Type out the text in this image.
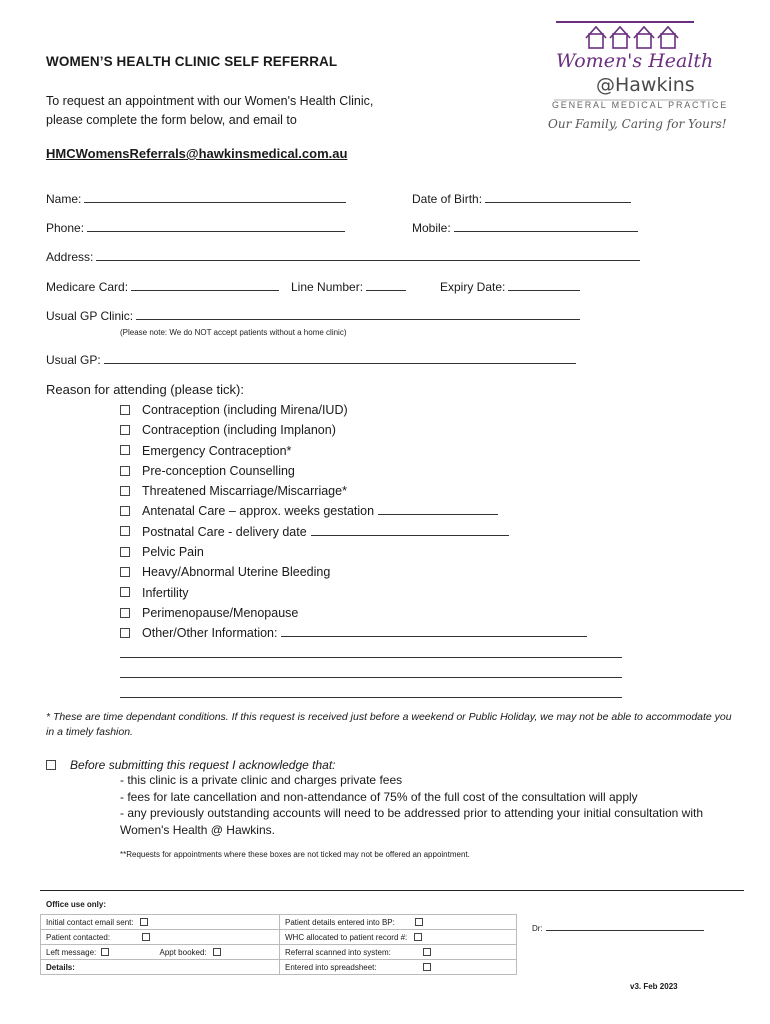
Women's Health
@Hawkins
GENERAL MEDICAL PRACTICE
Our Family, Caring for Yours!
WOMEN’S HEALTH CLINIC SELF REFERRAL
To request an appointment with our Women's Health Clinic,
please complete the form below, and email to
HMCWomensReferrals@hawkinsmedical.com.au
Name:	Date of Birth:
Phone:	Mobile:
Address:
Medicare Card:	Line Number:	Expiry Date:
Usual GP Clinic:
(Please note: We do NOT accept patients without a home clinic)
Usual GP:
Reason for attending (please tick):
Contraception (including Mirena/IUD)
Contraception (including Implanon)
Emergency Contraception*
Pre-conception Counselling
Threatened Miscarriage/Miscarriage*
Antenatal Care – approx. weeks gestation
Postnatal Care - delivery date
Pelvic Pain
Heavy/Abnormal Uterine Bleeding
Infertility
Perimenopause/Menopause
Other/Other Information:
* These are time dependant conditions. If this request is received just before a weekend or Public Holiday, we may not be able to accommodate you in a timely fashion.
Before submitting this request I acknowledge that:
- this clinic is a private clinic and charges private fees
- fees for late cancellation and non-attendance of 75% of the full cost of the consultation will apply
- any previously outstanding accounts will need to be addressed prior to attending your initial consultation with Women's Health @ Hawkins.
**Requests for appointments where these boxes are not ticked may not be offered an appointment.
Office use only:
Initial contact email sent:	Patient details entered into BP:
Patient contacted:	WHC allocated to patient record #:
Left message: Appt booked:	Referral scanned into system:
Details:	Entered into spreadsheet:
Dr:
v3. Feb 2023
